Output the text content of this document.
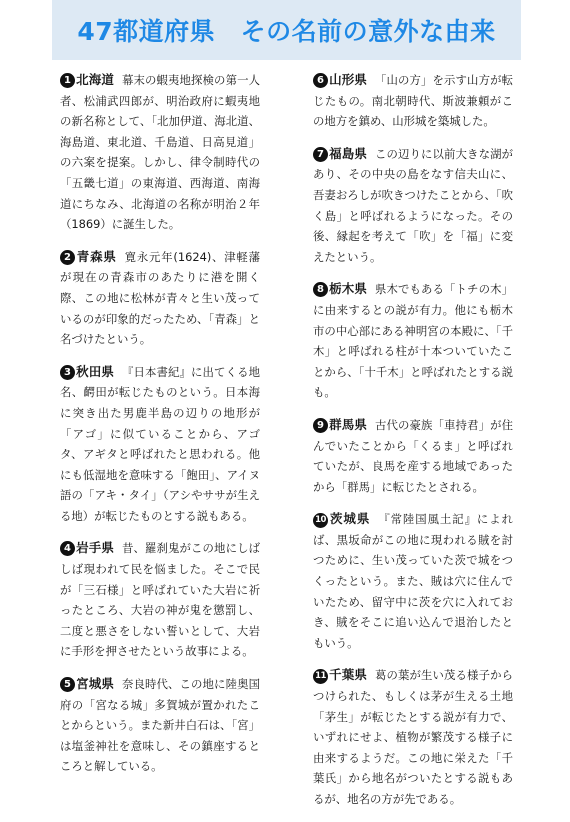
47都道府県　その名前の意外な由来

1 北海道 幕末の蝦夷地探検の第一人者、松浦武四郎が、明治政府に蝦夷地の新名称として、「北加伊道、海北道、海島道、東北道、千島道、日高見道」の六案を提案。しかし、律令制時代の「五畿七道」の東海道、西海道、南海道にちなみ、北海道の名称が明治２年（1869）に誕生した。

2 青森県 寛永元年(1624)、津軽藩が現在の青森市のあたりに港を開く際、この地に松林が青々と生い茂っているのが印象的だったため、「青森」と名づけたという。

3 秋田県 『日本書紀』に出てくる地名、齶田が転じたものという。日本海に突き出た男鹿半島の辺りの地形が「アゴ」に似ていることから、アゴタ、アギタと呼ばれたと思われる。他にも低湿地を意味する「飽田」、アイヌ語の「アキ・タイ」（アシやササが生える地）が転じたものとする説もある。

4 岩手県 昔、羅刹鬼がこの地にしばしば現われて民を悩ました。そこで民が「三石様」と呼ばれていた大岩に祈ったところ、大岩の神が鬼を懲罰し、二度と悪さをしない誓いとして、大岩に手形を押させたという故事による。

5 宮城県 奈良時代、この地に陸奥国府の「宮なる城」多賀城が置かれたことからという。また新井白石は、「宮」は塩釜神社を意味し、その鎮座するところと解している。

6 山形県 「山の方」を示す山方が転じたもの。南北朝時代、斯波兼頼がこの地方を鎮め、山形城を築城した。

7 福島県 この辺りに以前大きな湖があり、その中央の島をなす信夫山に、吾妻おろしが吹きつけたことから、「吹く島」と呼ばれるようになった。その後、縁起を考えて「吹」を「福」に変えたという。

8 栃木県 県木でもある「トチの木」に由来するとの説が有力。他にも栃木市の中心部にある神明宮の本殿に、「千木」と呼ばれる柱が十本ついていたことから、「十千木」と呼ばれたとする説も。

9 群馬県 古代の豪族「車持君」が住んでいたことから「くるま」と呼ばれていたが、良馬を産する地域であったから「群馬」に転じたとされる。

10 茨城県 『常陸国風土記』によれば、黒坂命がこの地に現われる賊を討つために、生い茂っていた茨で城をつくったという。また、賊は穴に住んでいたため、留守中に茨を穴に入れておき、賊をそこに追い込んで退治したともいう。

11 千葉県 葛の葉が生い茂る様子からつけられた、もしくは茅が生える土地「茅生」が転じたとする説が有力で、いずれにせよ、植物が繁茂する様子に由来するようだ。この地に栄えた「千葉氏」から地名がついたとする説もあるが、地名の方が先である。
